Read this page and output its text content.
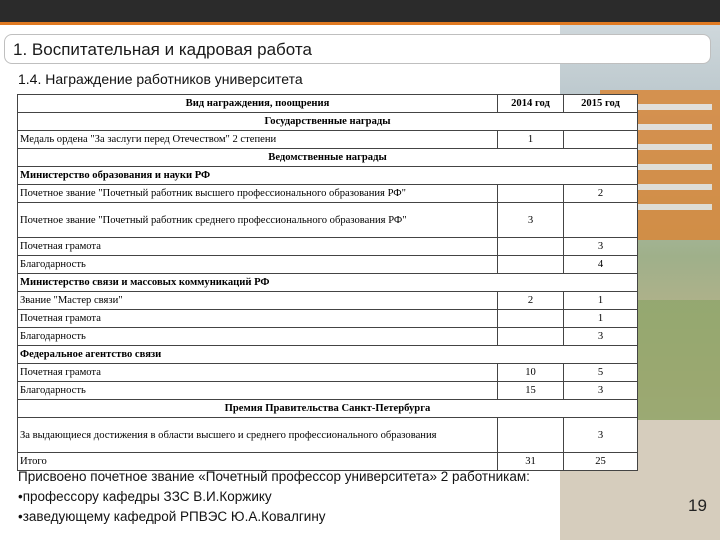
1. Воспитательная и кадровая работа
1.4. Награждение работников университета
Вид награждения, поощрения	2014 год	2015 год
Государственные награды		
Медаль ордена "За заслуги перед Отечеством" 2 степени	1	
Ведомственные награды		
Министерство образования и науки РФ		
Почетное звание "Почетный работник высшего профессионального образования РФ"		2
Почетное звание "Почетный работник среднего профессионального образования РФ"	3	
Почетная грамота		3
Благодарность		4
Министерство связи и массовых коммуникаций РФ		
Звание "Мастер связи"	2	1
Почетная грамота		1
Благодарность		3
Федеральное агентство связи		
Почетная грамота	10	5
Благодарность	15	3
Премия Правительства Санкт-Петербурга		
За выдающиеся достижения в области высшего и среднего профессионального образования		3
Итого	31	25
Присвоено почетное звание «Почетный профессор университета» 2 работникам:
•профессору кафедры ЗЗС В.И.Коржику
•заведующему кафедрой РПВЭС Ю.А.Ковалгину
19
